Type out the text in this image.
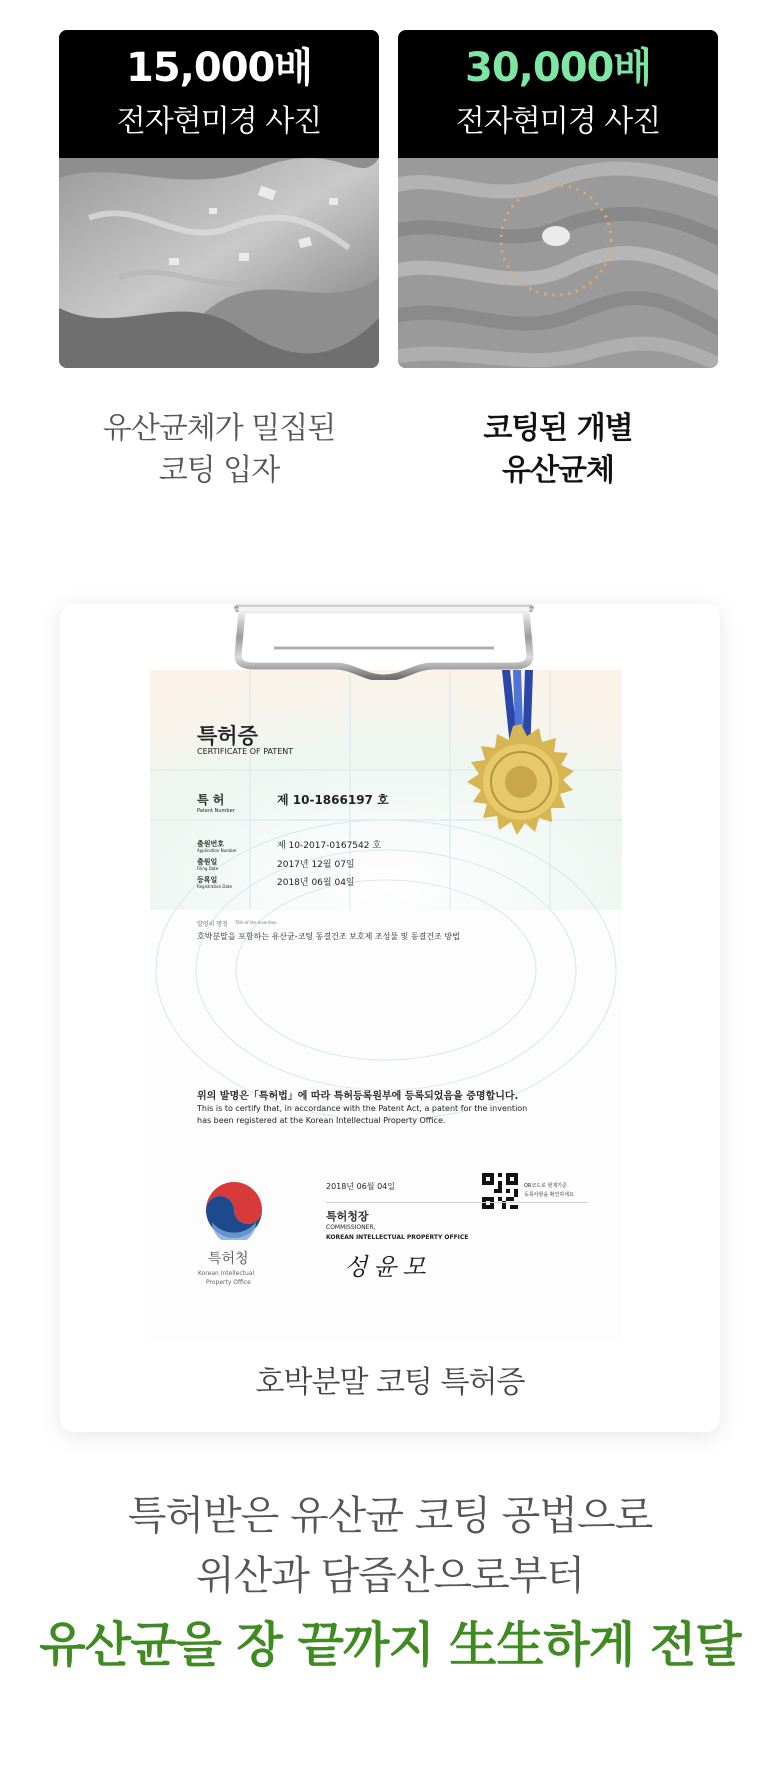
15,000배
전자현미경 사진
30,000배
전자현미경 사진
유산균체가 밀집된
코팅 입자
코팅된 개별
유산균체
특허증
CERTIFICATE OF PATENT
특 허
Patent Number
제 10-1866197 호
출원번호
Application Number	제 10-2017-0167542 호
출원일
Filing Date	2017년 12월 07일
등록일
Registration Date	2018년 06월 04일
발명의 명칭 Title of the Invention
호박분말을 포함하는 유산균-코팅 동결건조 보호제 조성물 및 동결건조 방법
위의 발명은「특허법」에 따라 특허등록원부에 등록되었음을 증명합니다.
This is to certify that, in accordance with the Patent Act, a patent for the invention
has been registered at the Korean Intellectual Property Office.
특허청
Korean Intellectual
Property Office
2018년 06월 04일	QR코드로 현재기준
등록사항을 확인하세요
특허청장
COMMISSIONER,
KOREAN INTELLECTUAL PROPERTY OFFICE
성윤모
호박분말 코팅 특허증
특허받은 유산균 코팅 공법으로
위산과 담즙산으로부터
유산균을 장 끝까지 生生하게 전달
